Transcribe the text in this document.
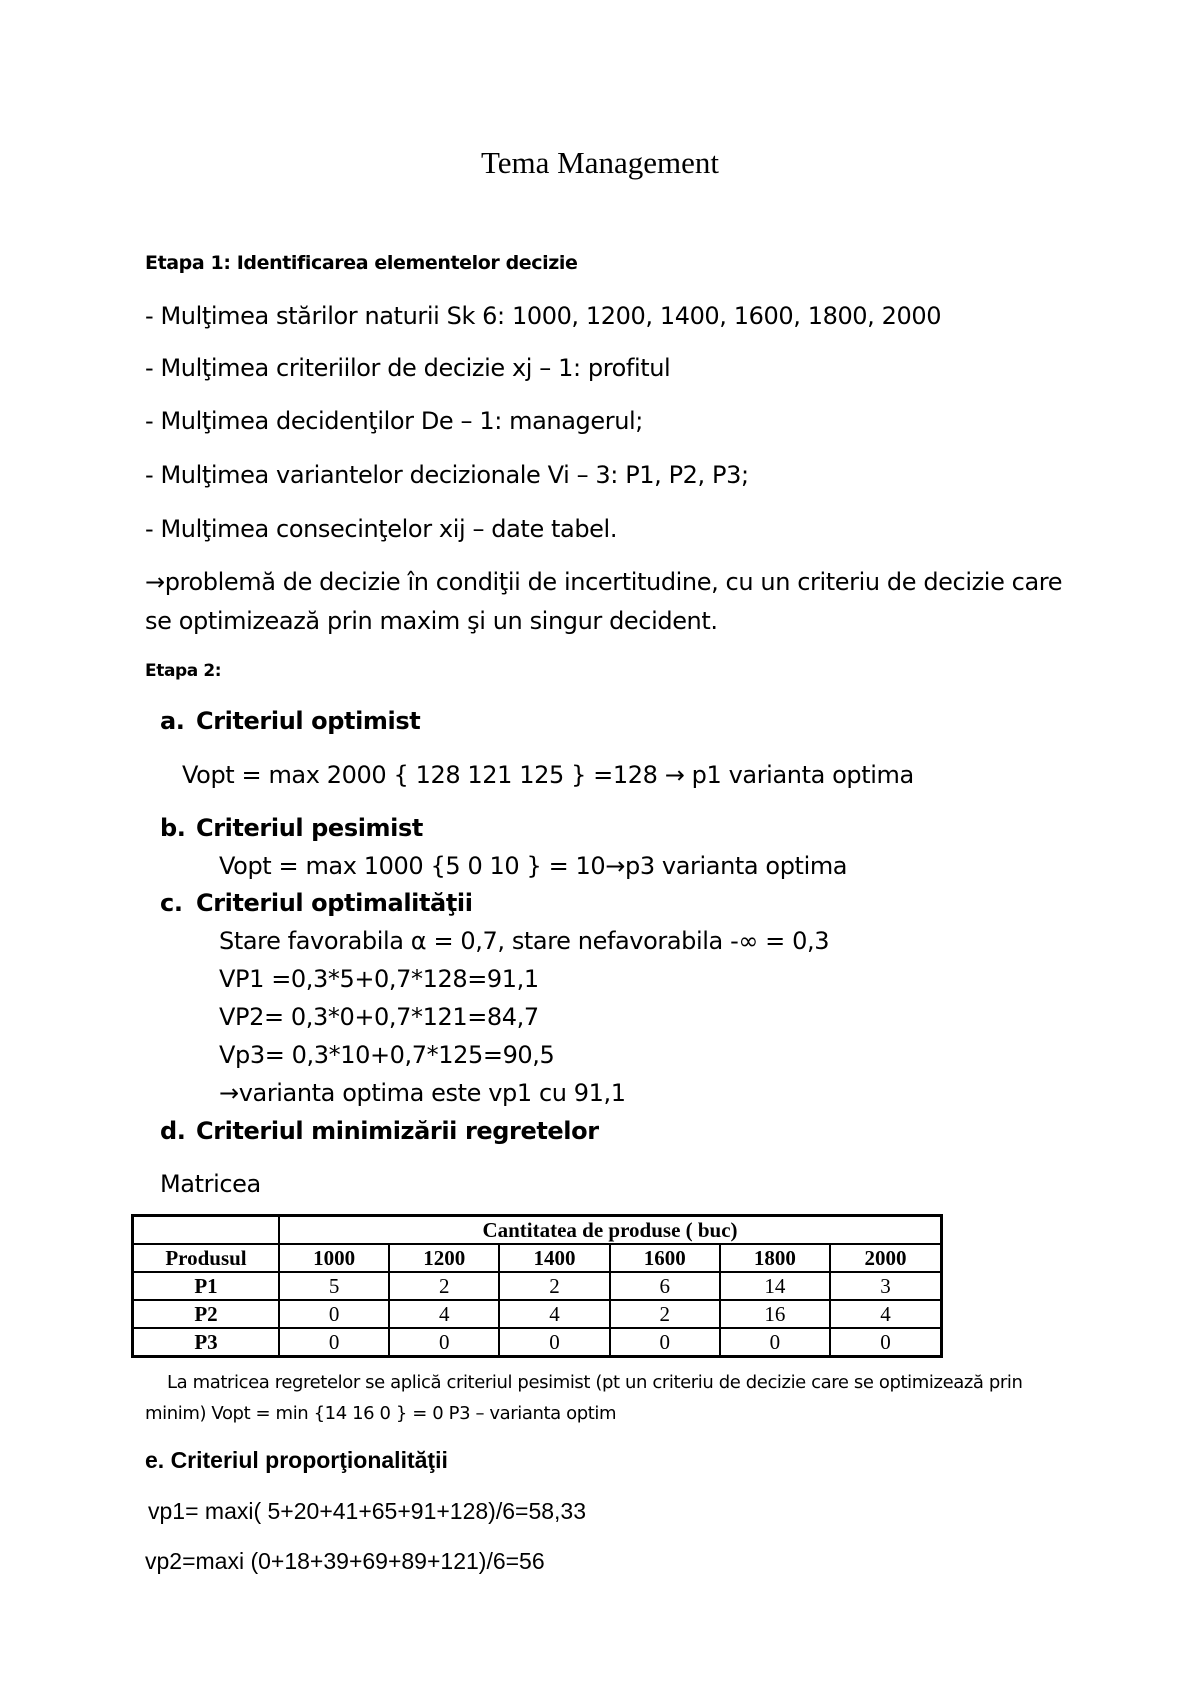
Tema Management
Etapa 1: Identificarea elementelor decizie
- Mulţimea stărilor naturii Sk 6: 1000, 1200, 1400, 1600, 1800, 2000
- Mulţimea criteriilor de decizie xj – 1: profitul
- Mulţimea decidenţilor De – 1: managerul;
- Mulţimea variantelor decizionale Vi – 3: P1, P2, P3;
- Mulţimea consecinţelor xij – date tabel.
→problemă de decizie în condiţii de incertitudine, cu un criteriu de decizie care
se optimizează prin maxim şi un singur decident.
Etapa 2:
a. Criteriul optimist
Vopt = max 2000 { 128 121 125 } =128 → p1 varianta optima
b. Criteriul pesimist
Vopt = max 1000 {5 0 10 } = 10→p3 varianta optima
c. Criteriul optimalităţii
Stare favorabila α = 0,7, stare nefavorabila -∞ = 0,3
VP1 =0,3*5+0,7*128=91,1
VP2= 0,3*0+0,7*121=84,7
Vp3= 0,3*10+0,7*125=90,5
→varianta optima este vp1 cu 91,1
d. Criteriul minimizării regretelor
Matricea
	Cantitatea de produse ( buc)					
Produsul	1000	1200	1400	1600	1800	2000
P1	5	2	2	6	14	3
P2	0	4	4	2	16	4
P3	0	0	0	0	0	0
La matricea regretelor se aplică criteriul pesimist (pt un criteriu de decizie care se optimizează prin
minim) Vopt = min {14 16 0 } = 0 P3 – varianta optim
e. Criteriul proporţionalităţii
vp1= maxi( 5+20+41+65+91+128)/6=58,33
vp2=maxi (0+18+39+69+89+121)/6=56
